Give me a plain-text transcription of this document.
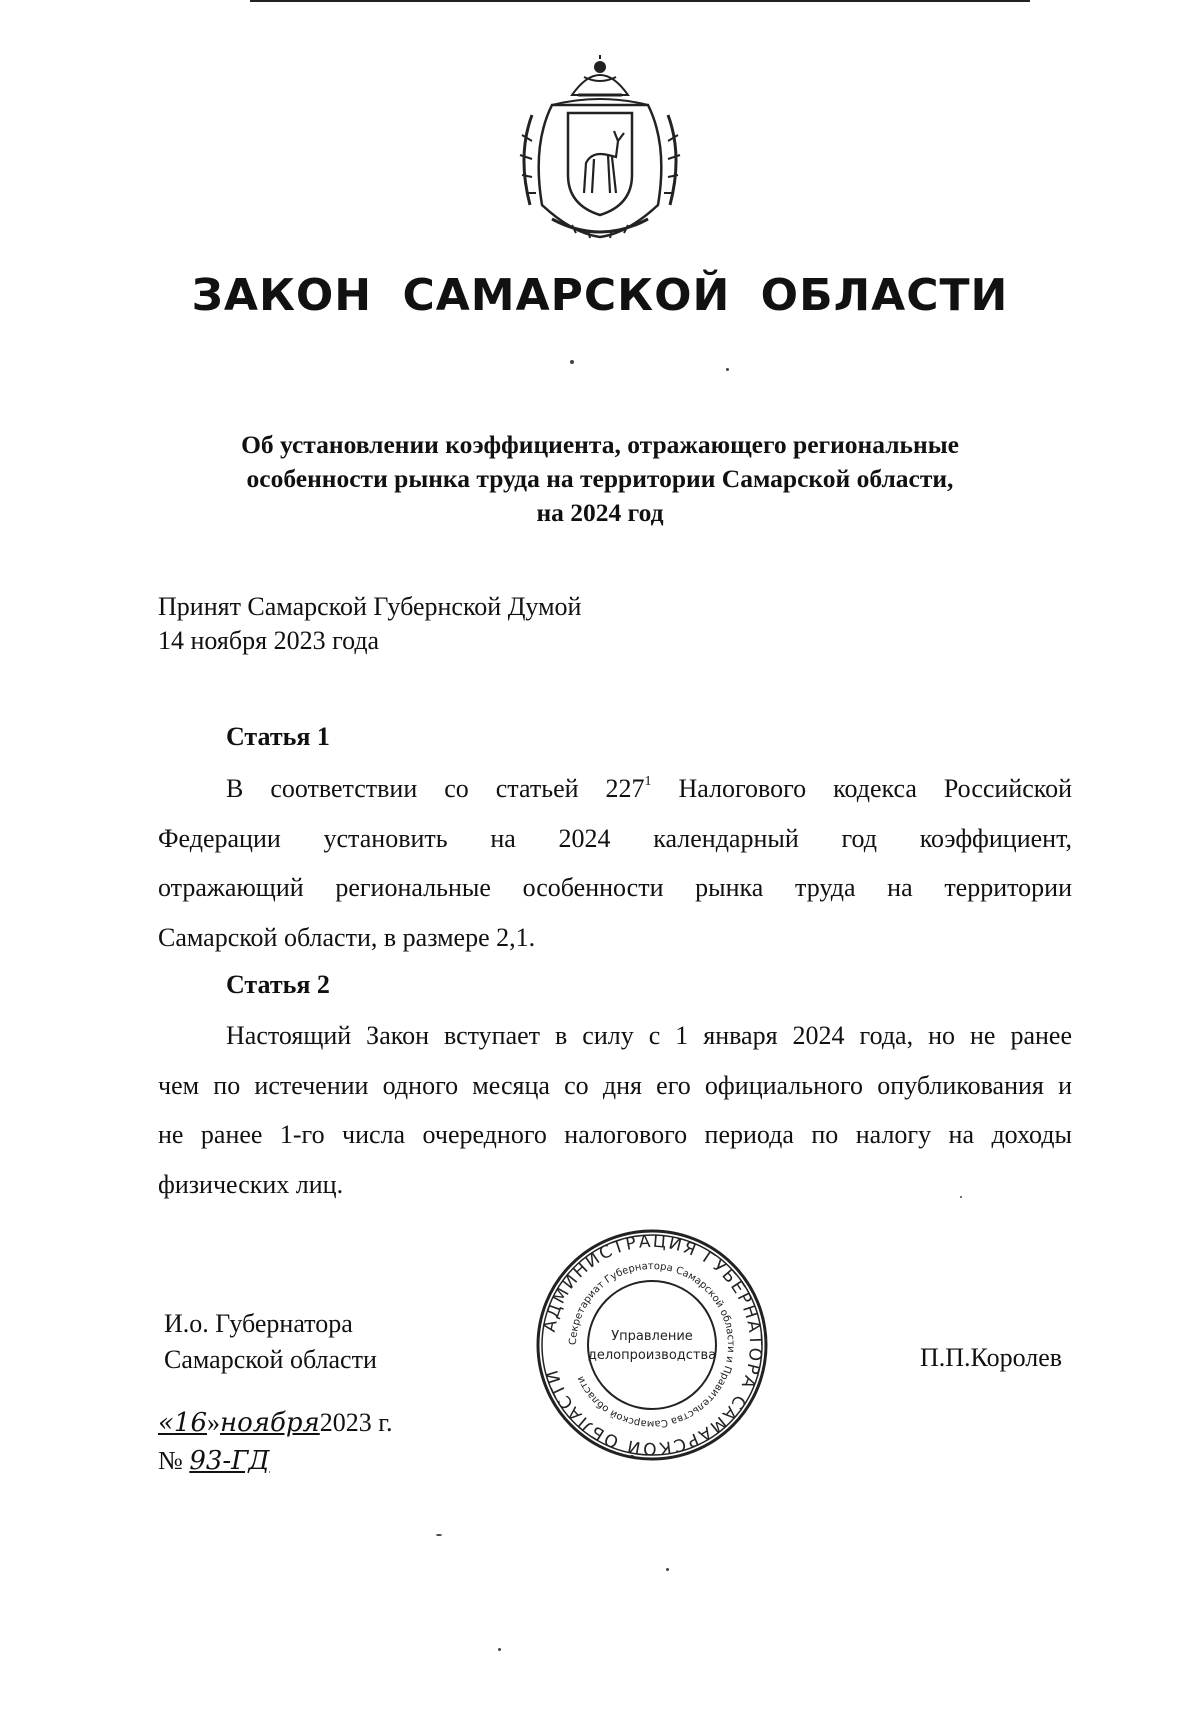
ЗАКОН САМАРСКОЙ ОБЛАСТИ
Об установлении коэффициента, отражающего региональные
особенности рынка труда на территории Самарской области,
на 2024 год
Принят Самарской Губернской Думой
14 ноября 2023 года
Статья 1
В соответствии со статьей $227^1$ Налогового кодекса Российской
Федерации установить на 2024 календарный год коэффициент,
отражающий региональные особенности рынка труда на территории
Самарской области, в размере 2,1.
Статья 2
Настоящий Закон вступает в силу с 1 января 2024 года, но не ранее
чем по истечении одного месяца со дня его официального опубликования и
не ранее 1-го числа очередного налогового периода по налогу на доходы
физических лиц.
И.о. Губернатора
Самарской области	П.П.Королев
«16»ноября2023 г.
№ 93-ГД
АДМИНИСТРАЦИЯ ГУБЕРНАТОРА САМАРСКОЙ ОБЛАСТИ
Секретариат Губернатора Самарской области и Правительства Самарской области
Управление
делопроизводства
